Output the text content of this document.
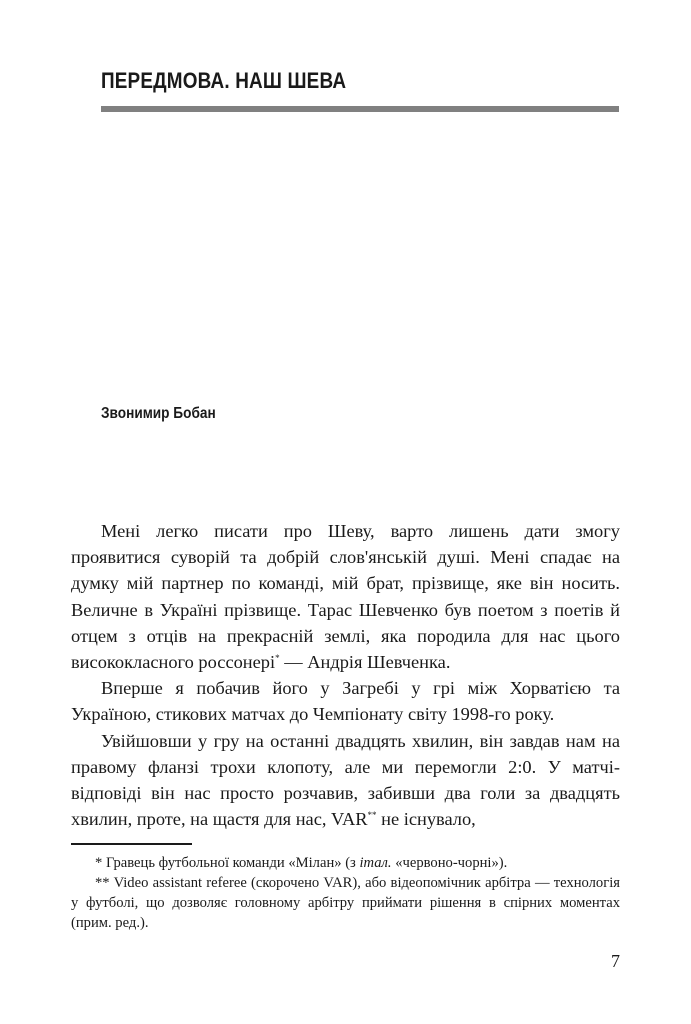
ПЕРЕДМОВА. НАШ ШЕВА
Звонимир Бобан

Мені легко писати про Шеву, варто лишень дати змогу проявитися суворій та добрій слов'янській душі. Мені спадає на думку мій партнер по команді, мій брат, прізвище, яке він носить. Величне в Україні прізвище. Тарас Шевченко був поетом з поетів й отцем з отців на прекрасній землі, яка породила для нас цього висококласного россонері* — Андрія Шевченка.

Вперше я побачив його у Загребі у грі між Хорватією та Україною, стикових матчах до Чемпіонату світу 1998-го року.

Увійшовши у гру на останні двадцять хвилин, він завдав нам на правому фланзі трохи клопоту, але ми перемогли 2:0. У матчі-відповіді він нас просто розчавив, забивши два голи за двадцять хвилин, проте, на щастя для нас, VAR** не існувало,

* Гравець футбольної команди «Мілан» (з італ. «червоно-чорні»).

** Video assistant referee (скорочено VAR), або відеопомічник арбітра — технологія у футболі, що дозволяє головному арбітру приймати рішення в спірних моментах (прим. ред.).

7
